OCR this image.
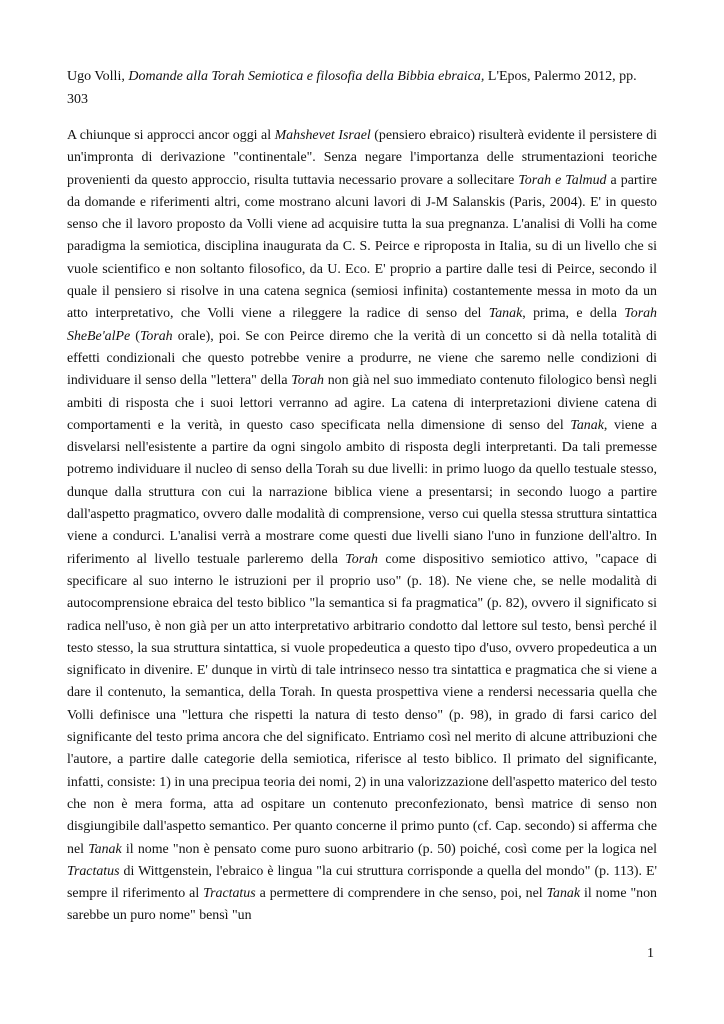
Ugo Volli, Domande alla Torah Semiotica e filosofia della Bibbia ebraica, L'Epos, Palermo 2012, pp. 303

A chiunque si approcci ancor oggi al Mahshevet Israel (pensiero ebraico) risulterà evidente il persistere di un'impronta di derivazione "continentale". Senza negare l'importanza delle strumentazioni teoriche provenienti da questo approccio, risulta tuttavia necessario provare a sollecitare Torah e Talmud a partire da domande e riferimenti altri, come mostrano alcuni lavori di J-M Salanskis (Paris, 2004). E' in questo senso che il lavoro proposto da Volli viene ad acquisire tutta la sua pregnanza. L'analisi di Volli ha come paradigma la semiotica, disciplina inaugurata da C. S. Peirce e riproposta in Italia, su di un livello che si vuole scientifico e non soltanto filosofico, da U. Eco. E' proprio a partire dalle tesi di Peirce, secondo il quale il pensiero si risolve in una catena segnica (semiosi infinita) costantemente messa in moto da un atto interpretativo, che Volli viene a rileggere la radice di senso del Tanak, prima, e della Torah SheBe'alPe (Torah orale), poi. Se con Peirce diremo che la verità di un concetto si dà nella totalità di effetti condizionali che questo potrebbe venire a produrre, ne viene che saremo nelle condizioni di individuare il senso della "lettera" della Torah non già nel suo immediato contenuto filologico bensì negli ambiti di risposta che i suoi lettori verranno ad agire. La catena di interpretazioni diviene catena di comportamenti e la verità, in questo caso specificata nella dimensione di senso del Tanak, viene a disvelarsi nell'esistente a partire da ogni singolo ambito di risposta degli interpretanti. Da tali premesse potremo individuare il nucleo di senso della Torah su due livelli: in primo luogo da quello testuale stesso, dunque dalla struttura con cui la narrazione biblica viene a presentarsi; in secondo luogo a partire dall'aspetto pragmatico, ovvero dalle modalità di comprensione, verso cui quella stessa struttura sintattica viene a condurci. L'analisi verrà a mostrare come questi due livelli siano l'uno in funzione dell'altro. In riferimento al livello testuale parleremo della Torah come dispositivo semiotico attivo, "capace di specificare al suo interno le istruzioni per il proprio uso" (p. 18). Ne viene che, se nelle modalità di autocomprensione ebraica del testo biblico "la semantica si fa pragmatica" (p. 82), ovvero il significato si radica nell'uso, è non già per un atto interpretativo arbitrario condotto dal lettore sul testo, bensì perché il testo stesso, la sua struttura sintattica, si vuole propedeutica a questo tipo d'uso, ovvero propedeutica a un significato in divenire. E' dunque in virtù di tale intrinseco nesso tra sintattica e pragmatica che si viene a dare il contenuto, la semantica, della Torah. In questa prospettiva viene a rendersi necessaria quella che Volli definisce una "lettura che rispetti la natura di testo denso" (p. 98), in grado di farsi carico del significante del testo prima ancora che del significato. Entriamo così nel merito di alcune attribuzioni che l'autore, a partire dalle categorie della semiotica, riferisce al testo biblico. Il primato del significante, infatti, consiste: 1) in una precipua teoria dei nomi, 2) in una valorizzazione dell'aspetto materico del testo che non è mera forma, atta ad ospitare un contenuto preconfezionato, bensì matrice di senso non disgiungibile dall'aspetto semantico. Per quanto concerne il primo punto (cf. Cap. secondo) si afferma che nel Tanak il nome "non è pensato come puro suono arbitrario (p. 50) poiché, così come per la logica nel Tractatus di Wittgenstein, l'ebraico è lingua "la cui struttura corrisponde a quella del mondo" (p. 113). E' sempre il riferimento al Tractatus a permettere di comprendere in che senso, poi, nel Tanak il nome "non sarebbe un puro nome" bensì "un

1
